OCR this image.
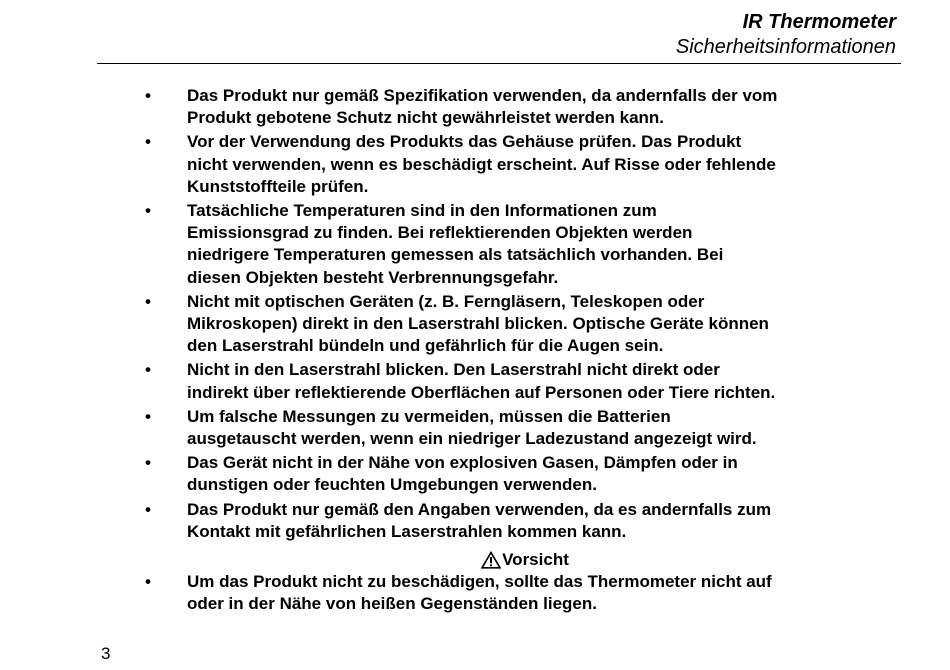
IR Thermometer
Sicherheitsinformationen
•	Das Produkt nur gemäß Spezifikation verwenden, da andernfalls der vom
Produkt gebotene Schutz nicht gewährleistet werden kann.
•	Vor der Verwendung des Produkts das Gehäuse prüfen. Das Produkt
nicht verwenden, wenn es beschädigt erscheint. Auf Risse oder fehlende
Kunststoffteile prüfen.
•	Tatsächliche Temperaturen sind in den Informationen zum
Emissionsgrad zu finden. Bei reflektierenden Objekten werden
niedrigere Temperaturen gemessen als tatsächlich vorhanden. Bei
diesen Objekten besteht Verbrennungsgefahr.
•	Nicht mit optischen Geräten (z. B. Ferngläsern, Teleskopen oder
Mikroskopen) direkt in den Laserstrahl blicken. Optische Geräte können
den Laserstrahl bündeln und gefährlich für die Augen sein.
•	Nicht in den Laserstrahl blicken. Den Laserstrahl nicht direkt oder
indirekt über reflektierende Oberflächen auf Personen oder Tiere richten.
•	Um falsche Messungen zu vermeiden, müssen die Batterien
ausgetauscht werden, wenn ein niedriger Ladezustand angezeigt wird.
•	Das Gerät nicht in der Nähe von explosiven Gasen, Dämpfen oder in
dunstigen oder feuchten Umgebungen verwenden.
•	Das Produkt nur gemäß den Angaben verwenden, da es andernfalls zum
Kontakt mit gefährlichen Laserstrahlen kommen kann.
Vorsicht
•	Um das Produkt nicht zu beschädigen, sollte das Thermometer nicht auf
oder in der Nähe von heißen Gegenständen liegen.
3
